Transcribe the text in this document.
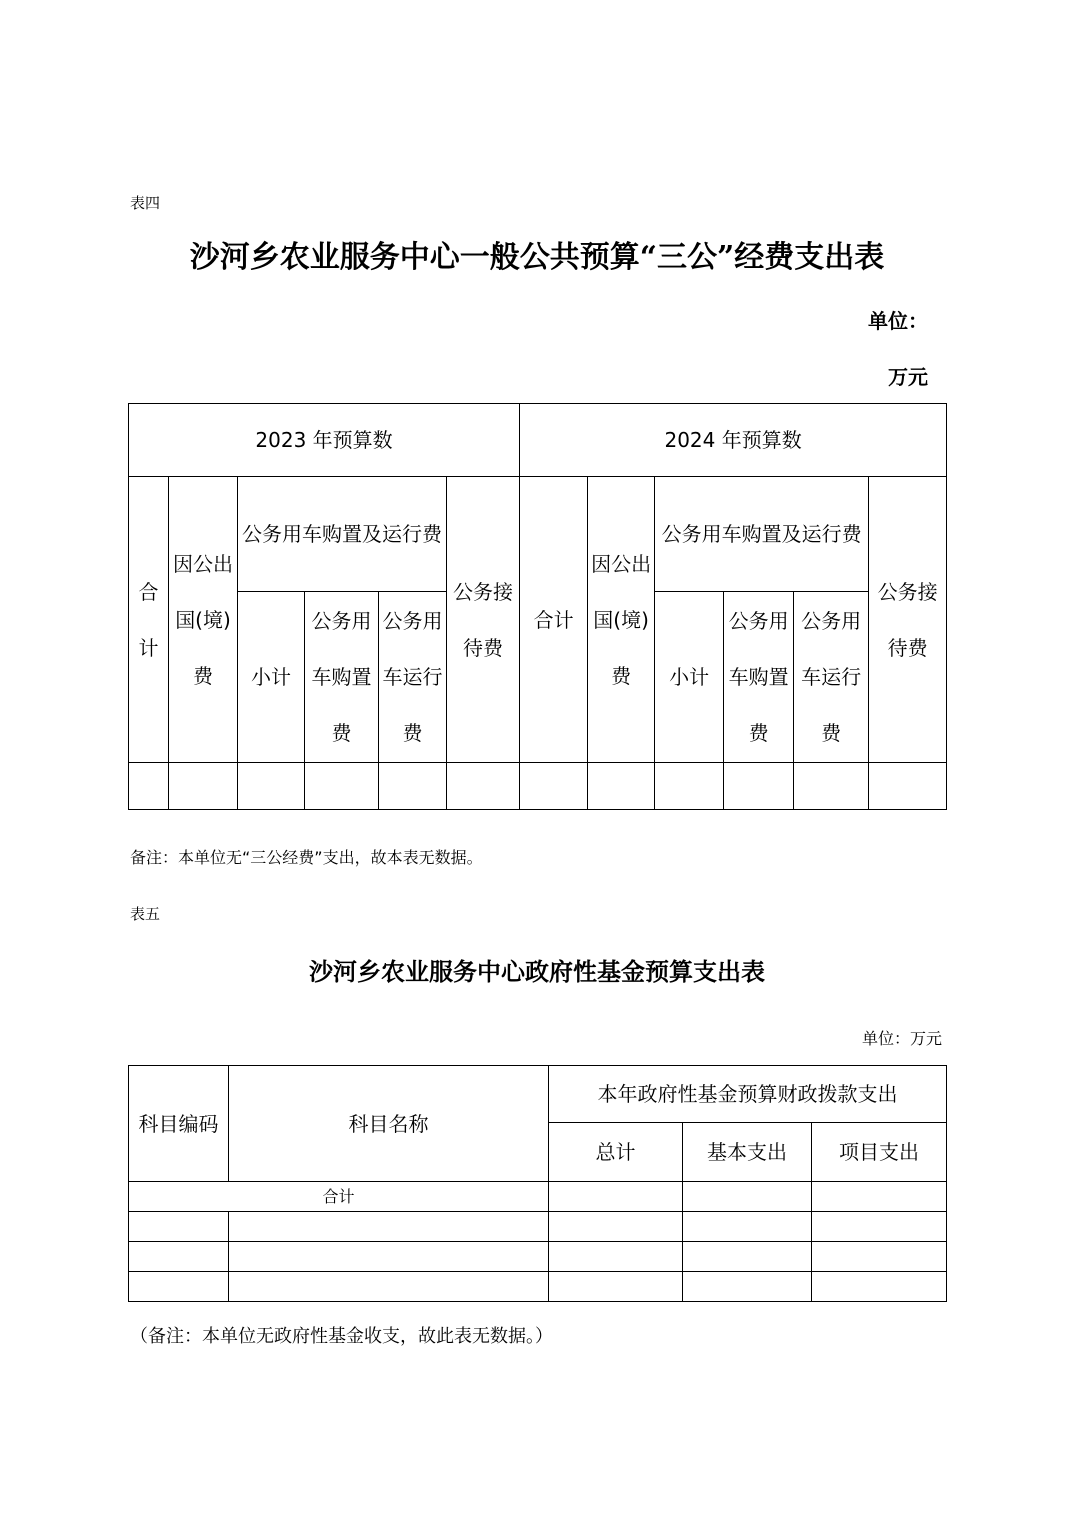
表四
沙河乡农业服务中心一般公共预算“三公”经费支出表
单位：
万元
2023 年预算数						2024 年预算数					
合计	因公出国(境)费	公务用车购置及运行费			公务接待费	合计	因公出国(境)费	公务用车购置及运行费			公务接待费
		小计	公务用车购置费	公务用车运行费				小计	公务用车购置费	公务用车运行费	

备注：本单位无“三公经费”支出，故本表无数据。
表五
沙河乡农业服务中心政府性基金预算支出表
单位：万元
科目编码	科目名称	本年政府性基金预算财政拨款支出		
		总计	基本支出	项目支出
合计				

（备注：本单位无政府性基金收支，故此表无数据。）
